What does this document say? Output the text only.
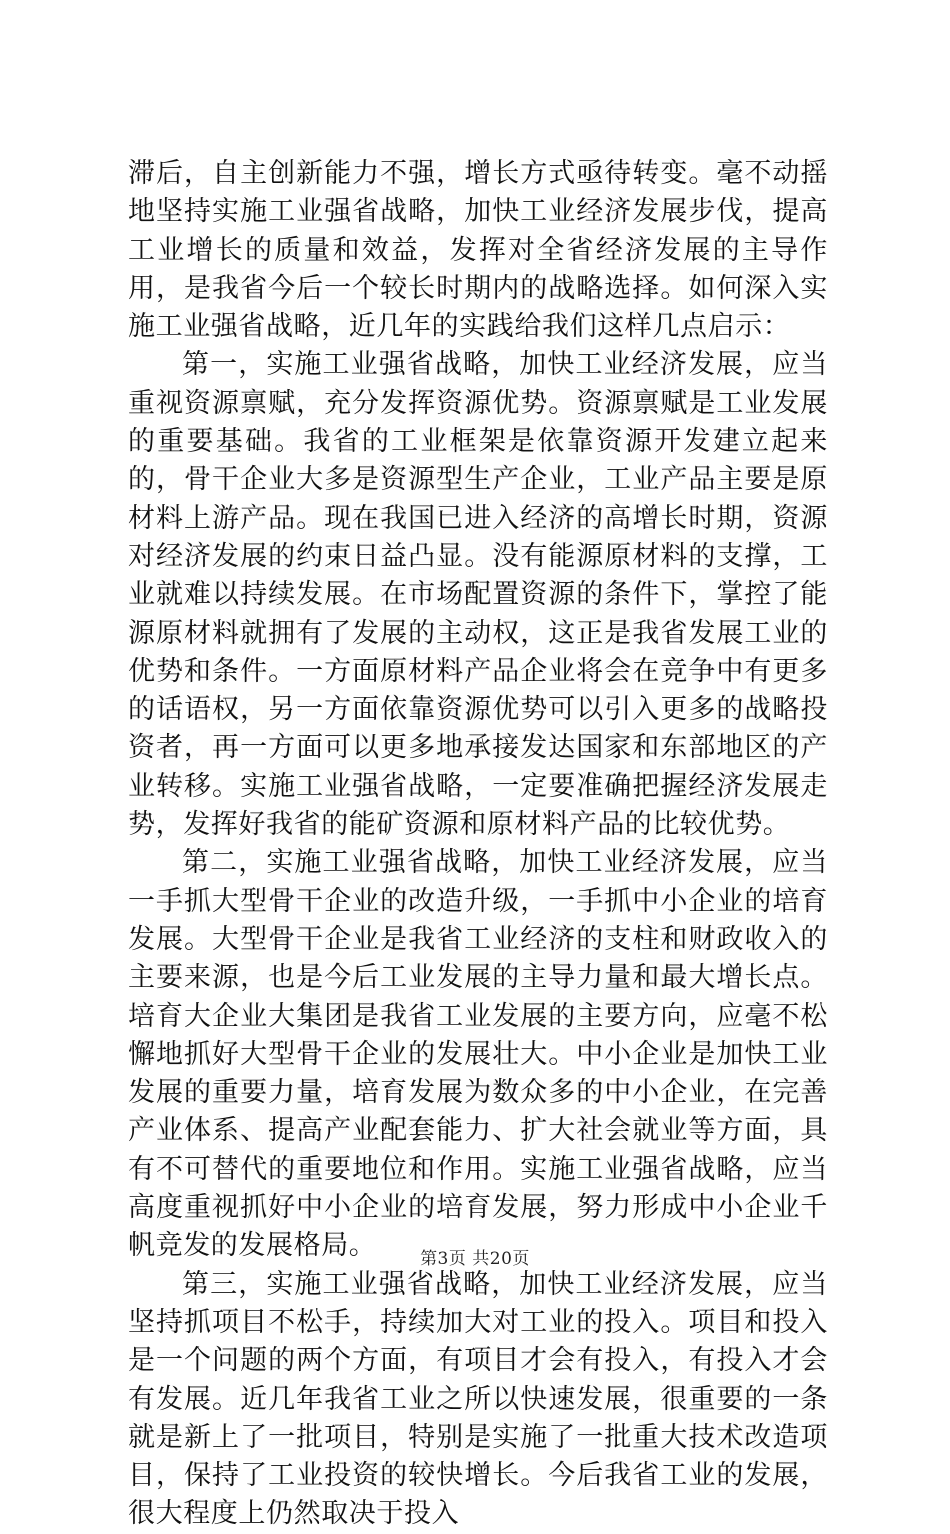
滞后，自主创新能力不强，增长方式亟待转变。毫不动摇地坚持实施工业强省战略，加快工业经济发展步伐，提高工业增长的质量和效益，发挥对全省经济发展的主导作用，是我省今后一个较长时期内的战略选择。如何深入实施工业强省战略，近几年的实践给我们这样几点启示：

第一，实施工业强省战略，加快工业经济发展，应当重视资源禀赋，充分发挥资源优势。资源禀赋是工业发展的重要基础。我省的工业框架是依靠资源开发建立起来的，骨干企业大多是资源型生产企业，工业产品主要是原材料上游产品。现在我国已进入经济的高增长时期，资源对经济发展的约束日益凸显。没有能源原材料的支撑，工业就难以持续发展。在市场配置资源的条件下，掌控了能源原材料就拥有了发展的主动权，这正是我省发展工业的优势和条件。一方面原材料产品企业将会在竞争中有更多的话语权，另一方面依靠资源优势可以引入更多的战略投资者，再一方面可以更多地承接发达国家和东部地区的产业转移。实施工业强省战略，一定要准确把握经济发展走势，发挥好我省的能矿资源和原材料产品的比较优势。

第二，实施工业强省战略，加快工业经济发展，应当一手抓大型骨干企业的改造升级，一手抓中小企业的培育发展。大型骨干企业是我省工业经济的支柱和财政收入的主要来源，也是今后工业发展的主导力量和最大增长点。培育大企业大集团是我省工业发展的主要方向，应毫不松懈地抓好大型骨干企业的发展壮大。中小企业是加快工业发展的重要力量，培育发展为数众多的中小企业，在完善产业体系、提高产业配套能力、扩大社会就业等方面，具有不可替代的重要地位和作用。实施工业强省战略，应当高度重视抓好中小企业的培育发展，努力形成中小企业千帆竞发的发展格局。

第三，实施工业强省战略，加快工业经济发展，应当坚持抓项目不松手，持续加大对工业的投入。项目和投入是一个问题的两个方面，有项目才会有投入，有投入才会有发展。近几年我省工业之所以快速发展，很重要的一条就是新上了一批项目，特别是实施了一批重大技术改造项目，保持了工业投资的较快增长。今后我省工业的发展，很大程度上仍然取决于投入

第3页 共20页
